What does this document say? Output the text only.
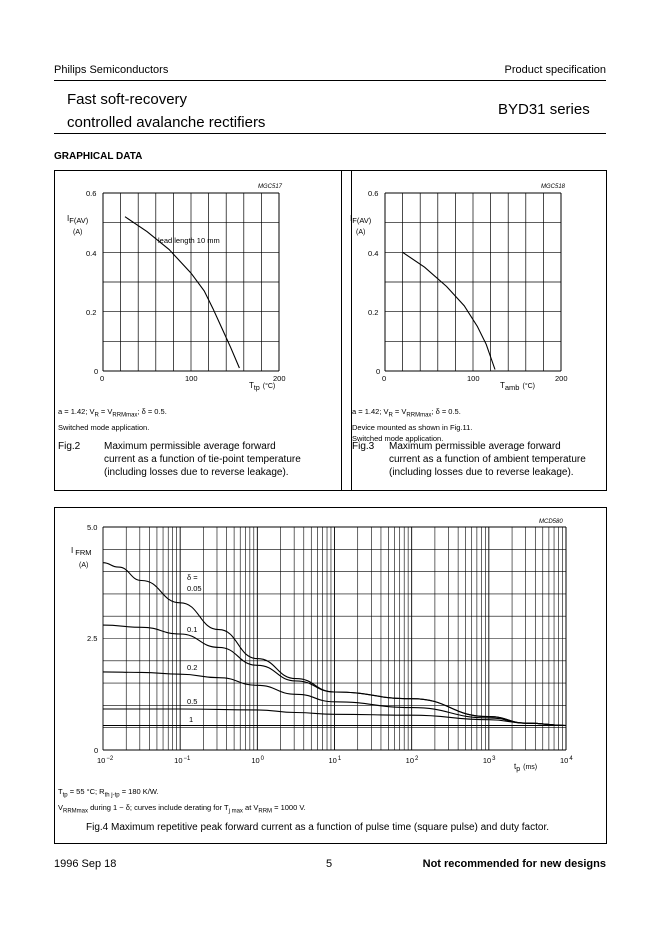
Philips Semiconductors	Product specification
Fast soft-recovery
controlled avalanche rectifiers
BYD31 series
GRAPHICAL DATA
MGC517
0.6
0.4
0.2
0
0	100	200
IF(AV)
(A)
Ttp (°C)
lead length 10 mm
a = 1.42; $V_R = V_{RRMmax}$; δ = 0.5.
Switched mode application.
Fig.2 Maximum permissible average forward
current as a function of tie-point temperature
(including losses due to reverse leakage).
MGC518
0.6
0.4
0.2
0
0	100	200
IF(AV)
(A)
Tamb (°C)
a = 1.42; $V_R = V_{RRMmax}$; δ = 0.5.
Device mounted as shown in Fig.11.
Switched mode application.
Fig.3 Maximum permissible average forward
current as a function of ambient temperature
(including losses due to reverse leakage).
MCD580
5.0
2.5
0
$10^{-2}$	$10^{-1}$	$10^0$	$10^1$	$10^2$	$10^3$	$10^4$
I FRM
(A)
tp (ms)
δ =
0.05
0.1
0.2
0.5
1
$T_{tp} = 55$ °C; $R_{th j-tp} = 180$ K/W.
$V_{RRMmax}$ during 1 − δ; curves include derating for $T_{j max}$ at $V_{RRM} = 1000$ V.
Fig.4 Maximum repetitive peak forward current as a function of pulse time (square pulse) and duty factor.
1996 Sep 18	5	Not recommended for new designs
